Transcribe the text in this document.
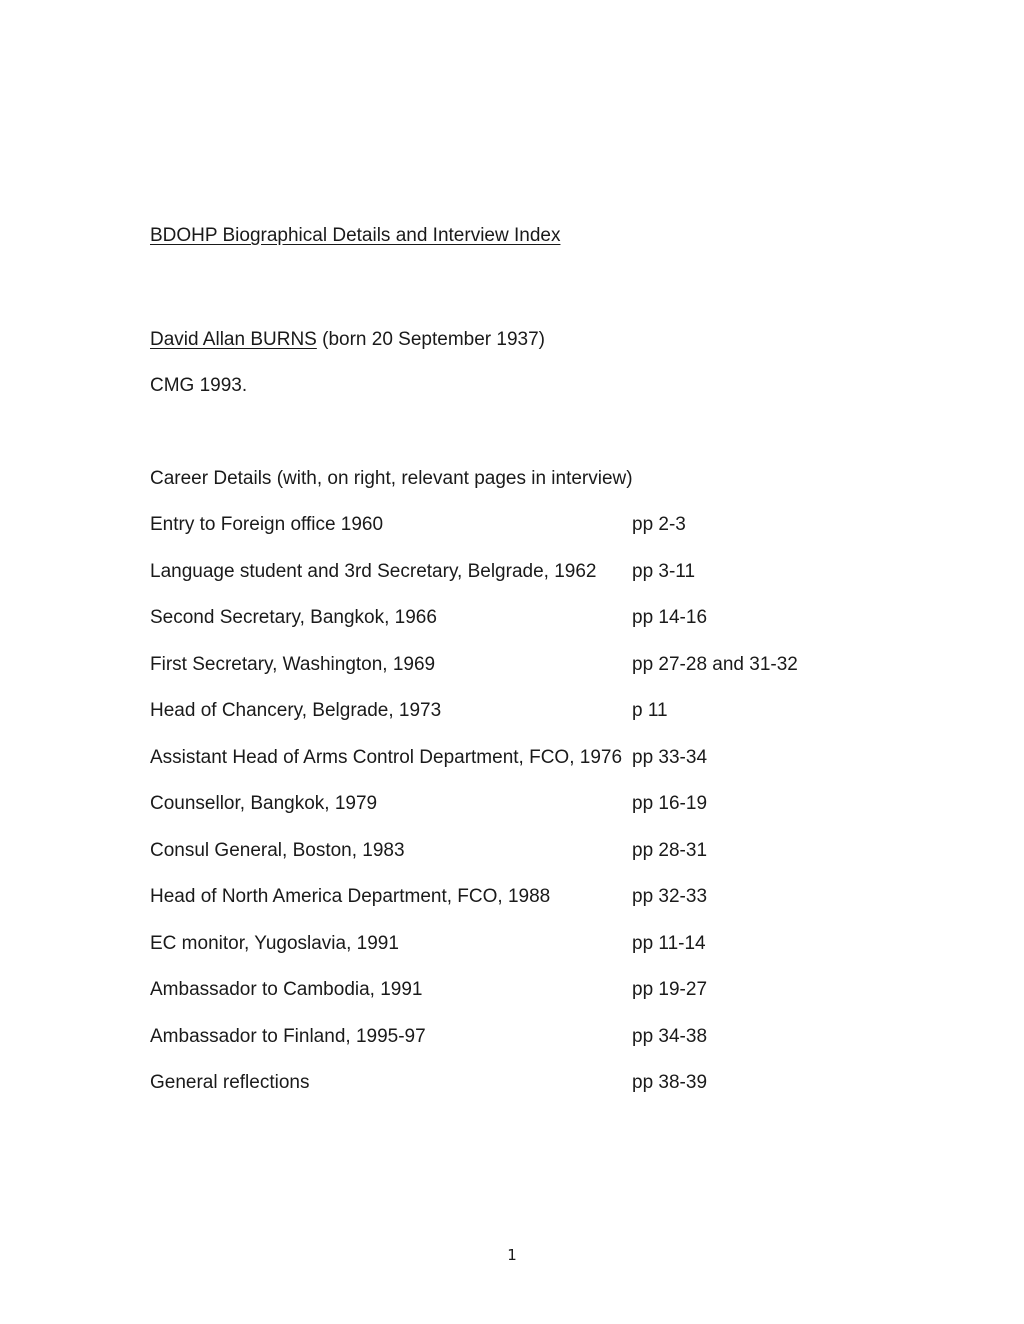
BDOHP Biographical Details and Interview Index
David Allan BURNS (born 20 September 1937)
CMG 1993.
Career Details (with, on right, relevant pages in interview)
Entry to Foreign office 1960	pp 2-3
Language student and 3rd Secretary, Belgrade, 1962 pp 3-11
Second Secretary, Bangkok, 1966	pp 14-16
First Secretary, Washington, 1969	pp 27-28 and 31-32
Head of Chancery, Belgrade, 1973	p 11
Assistant Head of Arms Control Department, FCO, 1976 pp 33-34
Counsellor, Bangkok, 1979	pp 16-19
Consul General, Boston, 1983	pp 28-31
Head of North America Department, FCO, 1988	pp 32-33
EC monitor, Yugoslavia, 1991	pp 11-14
Ambassador to Cambodia, 1991	pp 19-27
Ambassador to Finland, 1995-97	pp 34-38
General reflections	pp 38-39
1
